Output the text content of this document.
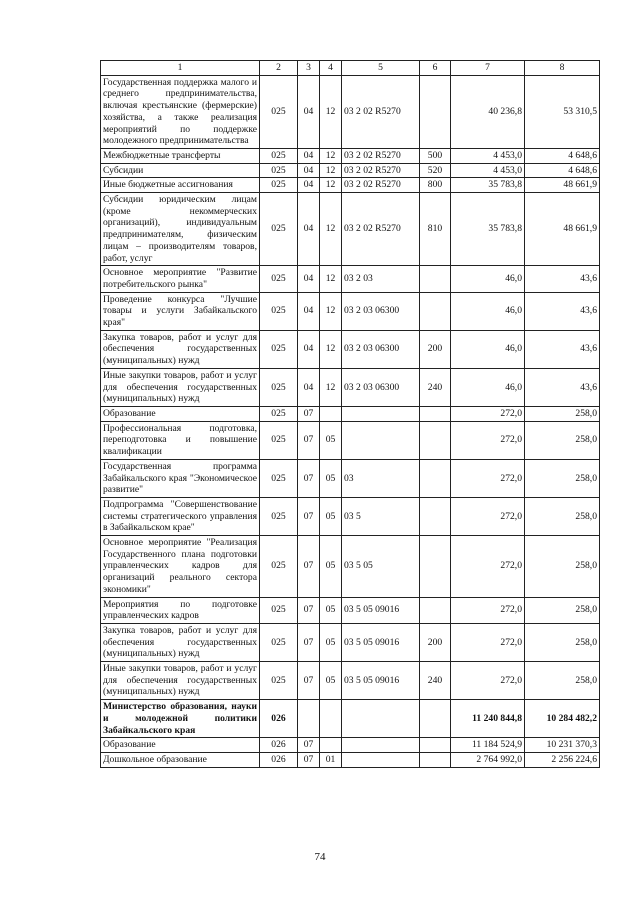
1	2	3	4	5	6	7	8
Государственная поддержка малого и среднего предпринимательства, включая крестьянские (фермерские) хозяйства, а также реализация мероприятий по поддержке молодежного предпринимательства	025	04	12	03 2 02 R5270		40 236,8	53 310,5
Межбюджетные трансферты	025	04	12	03 2 02 R5270	500	4 453,0	4 648,6
Субсидии	025	04	12	03 2 02 R5270	520	4 453,0	4 648,6
Иные бюджетные ассигнования	025	04	12	03 2 02 R5270	800	35 783,8	48 661,9
Субсидии юридическим лицам (кроме некоммерческих организаций), индивидуальным предпринимателям, физическим лицам – производителям товаров, работ, услуг	025	04	12	03 2 02 R5270	810	35 783,8	48 661,9
Основное мероприятие "Развитие потребительского рынка"	025	04	12	03 2 03		46,0	43,6
Проведение конкурса "Лучшие товары и услуги Забайкальского края"	025	04	12	03 2 03 06300		46,0	43,6
Закупка товаров, работ и услуг для обеспечения государственных (муниципальных) нужд	025	04	12	03 2 03 06300	200	46,0	43,6
Иные закупки товаров, работ и услуг для обеспечения государственных (муниципальных) нужд	025	04	12	03 2 03 06300	240	46,0	43,6
Образование	025	07				272,0	258,0
Профессиональная подготовка, переподготовка и повышение квалификации	025	07	05			272,0	258,0
Государственная программа Забайкальского края "Экономическое развитие"	025	07	05	03		272,0	258,0
Подпрограмма "Совершенствование системы стратегического управления в Забайкальском крае"	025	07	05	03 5		272,0	258,0
Основное мероприятие "Реализация Государственного плана подготовки управленческих кадров для организаций реального сектора экономики"	025	07	05	03 5 05		272,0	258,0
Мероприятия по подготовке управленческих кадров	025	07	05	03 5 05 09016		272,0	258,0
Закупка товаров, работ и услуг для обеспечения государственных (муниципальных) нужд	025	07	05	03 5 05 09016	200	272,0	258,0
Иные закупки товаров, работ и услуг для обеспечения государственных (муниципальных) нужд	025	07	05	03 5 05 09016	240	272,0	258,0
Министерство образования, науки и молодежной политики Забайкальского края	026					11 240 844,8	10 284 482,2
Образование	026	07				11 184 524,9	10 231 370,3
Дошкольное образование	026	07	01			2 764 992,0	2 256 224,6
74
